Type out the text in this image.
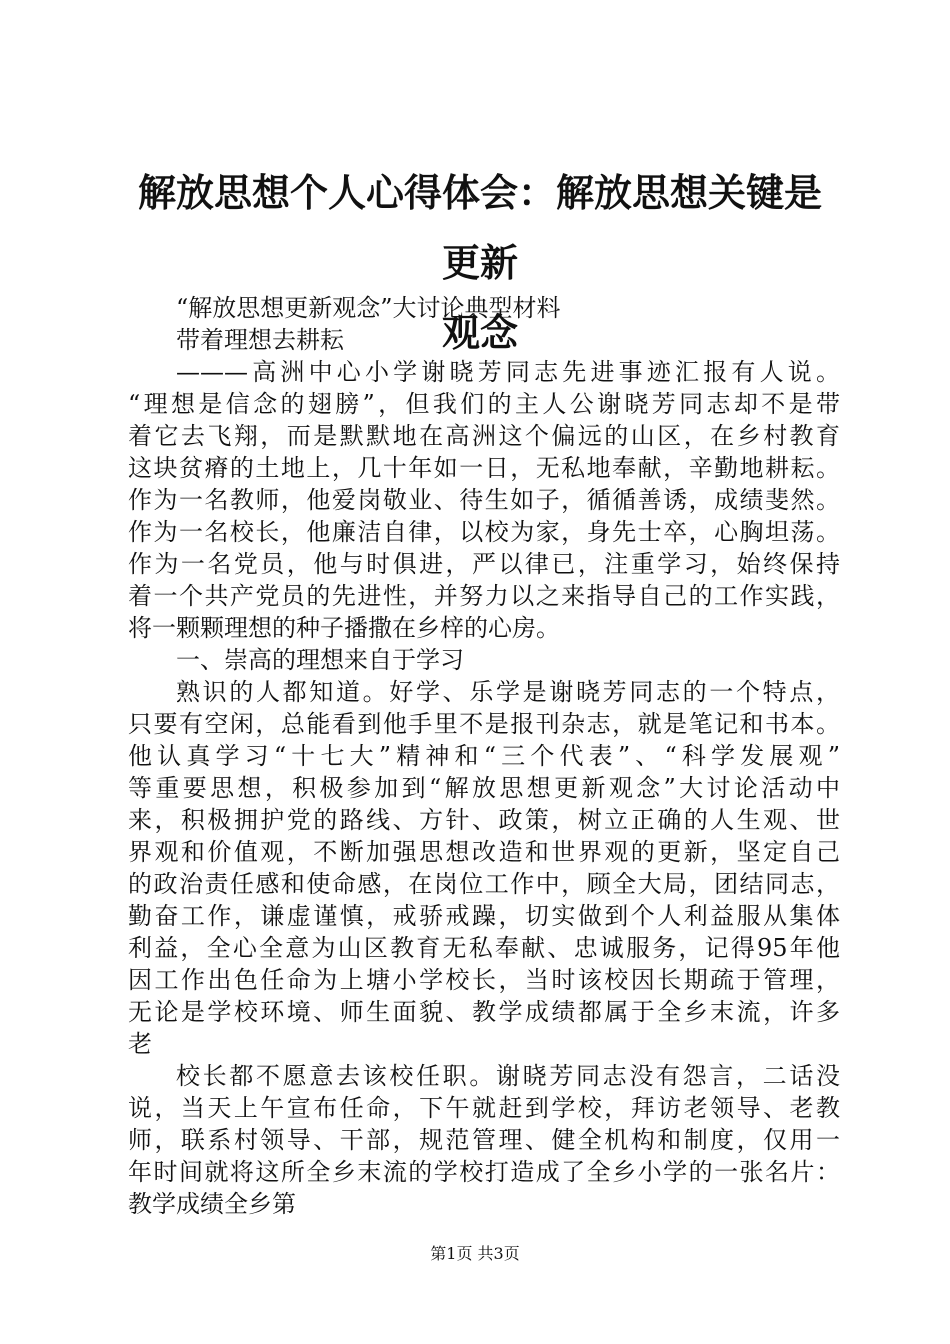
解放思想个人心得体会：解放思想关键是更新
观念
“解放思想更新观念”大讨论典型材料
带着理想去耕耘
———高洲中心小学谢晓芳同志先进事迹汇报有人说。
“理想是信念的翅膀”，但我们的主人公谢晓芳同志却不是带
着它去飞翔，而是默默地在高洲这个偏远的山区，在乡村教育
这块贫瘠的土地上，几十年如一日，无私地奉献，辛勤地耕耘。
作为一名教师，他爱岗敬业、待生如子，循循善诱，成绩斐然。
作为一名校长，他廉洁自律，以校为家，身先士卒，心胸坦荡。
作为一名党员，他与时俱进，严以律已，注重学习，始终保持
着一个共产党员的先进性，并努力以之来指导自己的工作实践，
将一颗颗理想的种子播撒在乡梓的心房。
一、崇高的理想来自于学习
熟识的人都知道。好学、乐学是谢晓芳同志的一个特点，
只要有空闲，总能看到他手里不是报刊杂志，就是笔记和书本。
他认真学习“十七大”精神和“三个代表”、“科学发展观”
等重要思想，积极参加到“解放思想更新观念”大讨论活动中
来，积极拥护党的路线、方针、政策，树立正确的人生观、世
界观和价值观，不断加强思想改造和世界观的更新，坚定自己
的政治责任感和使命感，在岗位工作中，顾全大局，团结同志，
勤奋工作，谦虚谨慎，戒骄戒躁，切实做到个人利益服从集体
利益，全心全意为山区教育无私奉献、忠诚服务，记得95年他
因工作出色任命为上塘小学校长，当时该校因长期疏于管理，
无论是学校环境、师生面貌、教学成绩都属于全乡末流，许多
老
校长都不愿意去该校任职。谢晓芳同志没有怨言，二话没
说，当天上午宣布任命，下午就赶到学校，拜访老领导、老教
师，联系村领导、干部，规范管理、健全机构和制度，仅用一
年时间就将这所全乡末流的学校打造成了全乡小学的一张名片：
教学成绩全乡第
第1页 共3页
